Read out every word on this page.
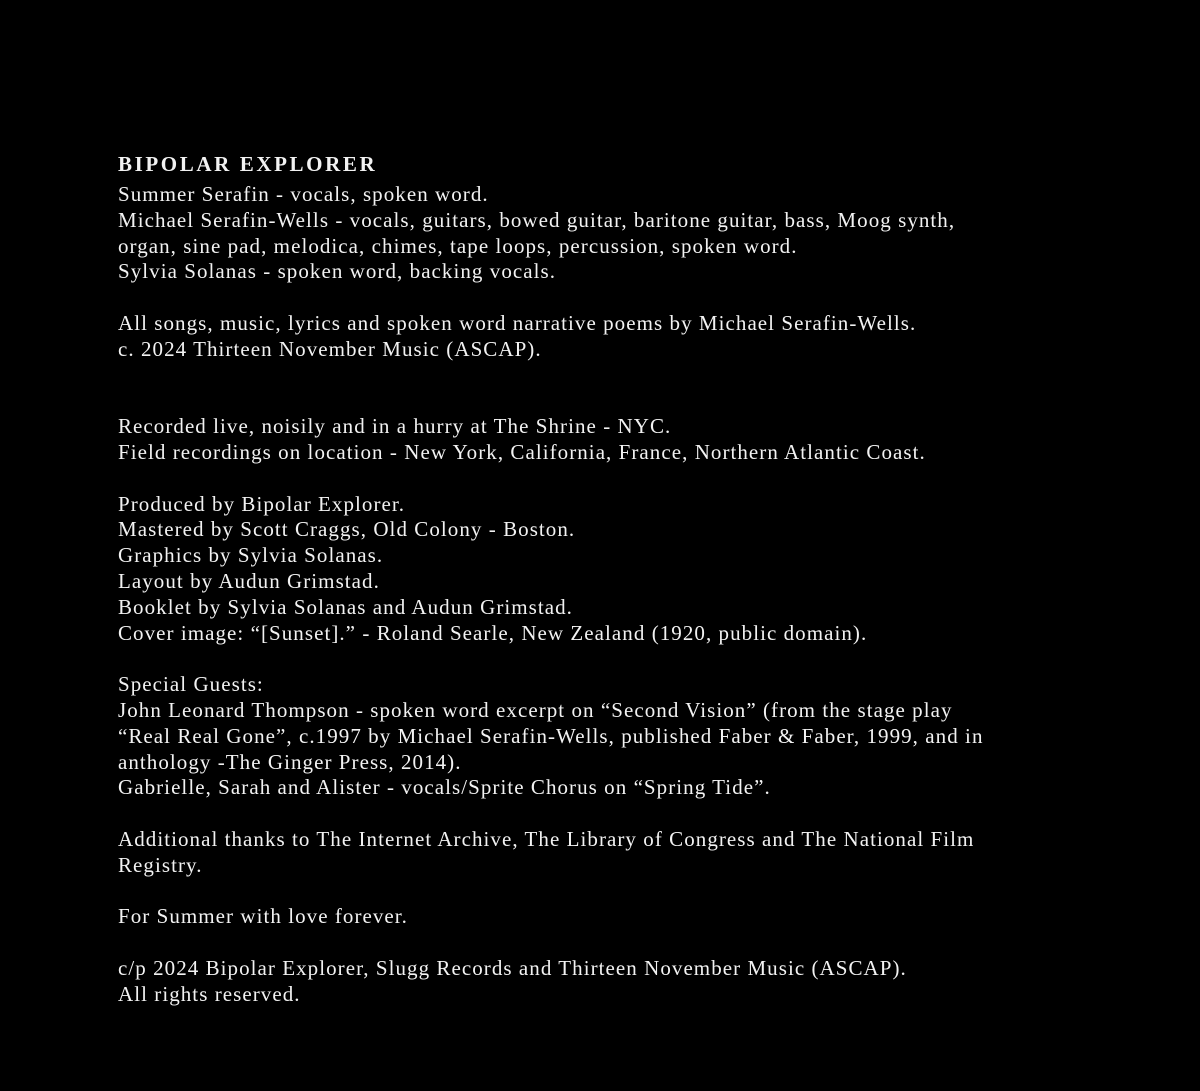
BIPOLAR EXPLORER
Summer Serafin - vocals, spoken word.
Michael Serafin-Wells - vocals, guitars, bowed guitar, baritone guitar, bass, Moog synth,
organ, sine pad, melodica, chimes, tape loops, percussion, spoken word.
Sylvia Solanas - spoken word, backing vocals.
All songs, music, lyrics and spoken word narrative poems by Michael Serafin-Wells.
c. 2024 Thirteen November Music (ASCAP).
Recorded live, noisily and in a hurry at The Shrine - NYC.
Field recordings on location - New York, California, France, Northern Atlantic Coast.
Produced by Bipolar Explorer.
Mastered by Scott Craggs, Old Colony - Boston.
Graphics by Sylvia Solanas.
Layout by Audun Grimstad.
Booklet by Sylvia Solanas and Audun Grimstad.
Cover image: “[Sunset].” - Roland Searle, New Zealand (1920, public domain).
Special Guests:
John Leonard Thompson - spoken word excerpt on “Second Vision” (from the stage play
“Real Real Gone”, c.1997 by Michael Serafin-Wells, published Faber & Faber, 1999, and in
anthology -The Ginger Press, 2014).
Gabrielle, Sarah and Alister - vocals/Sprite Chorus on “Spring Tide”.
Additional thanks to The Internet Archive, The Library of Congress and The National Film
Registry.
For Summer with love forever.
c/p 2024 Bipolar Explorer, Slugg Records and Thirteen November Music (ASCAP).
All rights reserved.
